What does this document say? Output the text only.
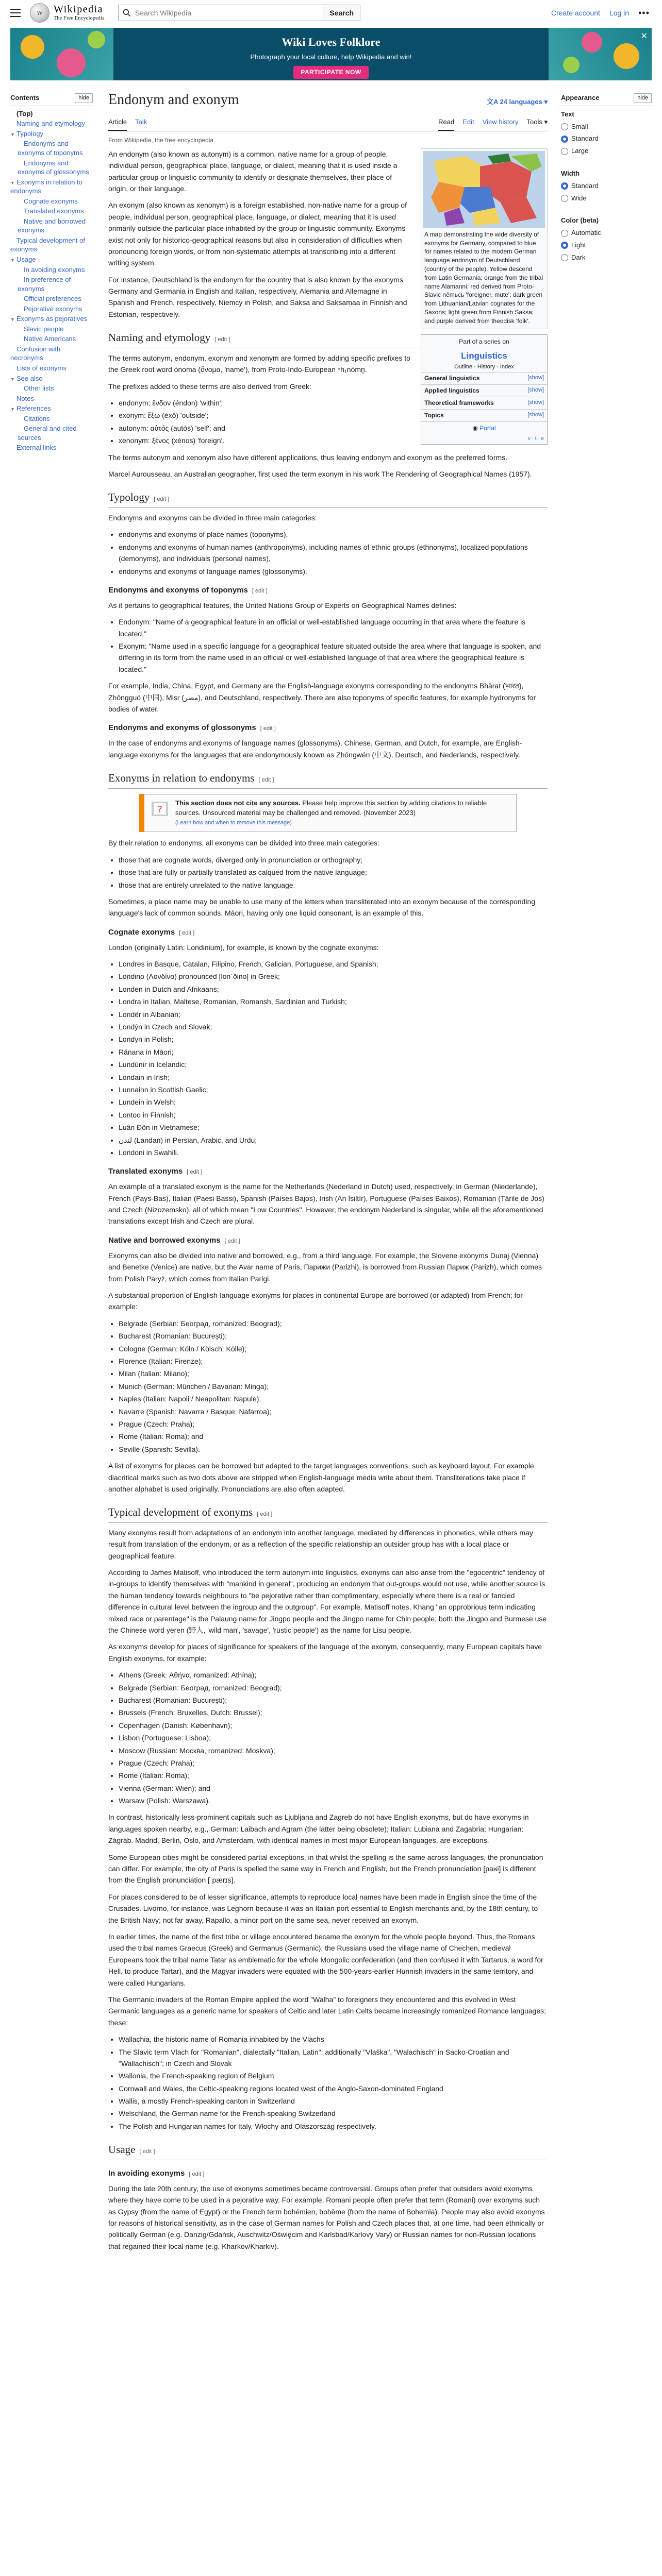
W	Wikipedia
The Free Encyclopedia
Search Wikipedia
Search	Create account Log in •••
Wiki Loves Folklore
Photograph your local culture, help Wikipedia and win!
PARTICIPATE NOW
✕
Contents	hide
(Top)
Naming and etymology
▼ Typology
Endonyms and exonyms of toponyms
Endonyms and exonyms of glossonyms
▼ Exonyms in relation to endonyms
Cognate exonyms
Translated exonyms
Native and borrowed exonyms
Typical development of exonyms
▼ Usage
In avoiding exonyms
In preference of exonyms
Official preferences
Pejorative exonyms
▼ Exonyms as pejoratives
Slavic people
Native Americans
Confusion with necronyms
Lists of exonyms
▼ See also
Other lists
Notes
▼ References
Citations
General and cited sources
External links
Endonym and exonym	文A 24 languages ▾
Article Talk	Read Edit View history Tools ▾
From Wikipedia, the free encyclopedia
A map demonstrating the wide diversity of exonyms for Germany, compared to blue for names related to the modern German language endonym of Deutschland (country of the people). Yellow descend from Latin Germania; orange from the tribal name Alamanni; red derived from Proto-Slavic němьcь 'foreigner, mute'; dark green from Lithuanian/Latvian cognates for the Saxons; light green from Finnish Saksa; and purple derived from theodisk 'folk'.
Part of a series on
Linguistics
Outline · History · Index
General linguistics	[show]
Applied linguistics	[show]
Theoretical frameworks	[show]
Topics	[show]
◉ Portal
v · t · e

An endonym (also known as autonym) is a common, native name for a group of people, individual person, geographical place, language, or dialect, meaning that it is used inside a particular group or linguistic community to identify or designate themselves, their place of origin, or their language.

An exonym (also known as xenonym) is a foreign established, non-native name for a group of people, individual person, geographical place, language, or dialect, meaning that it is used primarily outside the particular place inhabited by the group or linguistic community. Exonyms exist not only for historico-geographical reasons but also in consideration of difficulties when pronouncing foreign words, or from non-systematic attempts at transcribing into a different writing system.

For instance, Deutschland is the endonym for the country that is also known by the exonyms Germany and Germania in English and Italian, respectively, Alemania and Allemagne in Spanish and French, respectively, Niemcy in Polish, and Saksa and Saksamaa in Finnish and Estonian, respectively.

Naming and etymology [ edit ]

The terms autonym, endonym, exonym and xenonym are formed by adding specific prefixes to the Greek root word ónoma (ὄνομα, 'name'), from Proto-Indo-European *h₁nómn̥.

The prefixes added to these terms are also derived from Greek:

• endonym: ἔνδον (éndon) 'within';
• exonym: ἔξω (éxō) 'outside';
• autonym: αὐτός (autós) 'self'; and
• xenonym: ξένος (xénos) 'foreign'.

The terms autonym and xenonym also have different applications, thus leaving endonym and exonym as the preferred forms.

Marcel Aurousseau, an Australian geographer, first used the term exonym in his work The Rendering of Geographical Names (1957).

Typology [ edit ]

Endonyms and exonyms can be divided in three main categories:

• endonyms and exonyms of place names (toponyms),
• endonyms and exonyms of human names (anthroponyms), including names of ethnic groups (ethnonyms), localized populations (demonyms), and individuals (personal names),
• endonyms and exonyms of language names (glossonyms).
Endonyms and exonyms of toponyms [ edit ]

As it pertains to geographical features, the United Nations Group of Experts on Geographical Names defines:

• Endonym: "Name of a geographical feature in an official or well-established language occurring in that area where the feature is located."
• Exonym: "Name used in a specific language for a geographical feature situated outside the area where that language is spoken, and differing in its form from the name used in an official or well-established language of that area where the geographical feature is located."

For example, India, China, Egypt, and Germany are the English-language exonyms corresponding to the endonyms Bhārat (भारत), Zhōngguó (中国), Miṣr (مصر), and Deutschland, respectively. There are also toponyms of specific features, for example hydronyms for bodies of water.

Endonyms and exonyms of glossonyms [ edit ]

In the case of endonyms and exonyms of language names (glossonyms), Chinese, German, and Dutch, for example, are English-language exonyms for the languages that are endonymously known as Zhōngwén (中文), Deutsch, and Nederlands, respectively.

Exonyms in relation to endonyms [ edit ]
?
This section does not cite any sources. Please help improve this section by adding citations to reliable sources. Unsourced material may be challenged and removed. (November 2023)
(Learn how and when to remove this message)

By their relation to endonyms, all exonyms can be divided into three main categories:

• those that are cognate words, diverged only in pronunciation or orthography;
• those that are fully or partially translated as calqued from the native language;
• those that are entirely unrelated to the native language.

Sometimes, a place name may be unable to use many of the letters when transliterated into an exonym because of the corresponding language's lack of common sounds. Māori, having only one liquid consonant, is an example of this.

Cognate exonyms [ edit ]

London (originally Latin: Londinium), for example, is known by the cognate exonyms:

• Londres in Basque, Catalan, Filipino, French, Galician, Portuguese, and Spanish;
• Londino (Λονδίνο) pronounced [lonˈðino] in Greek;
• Londen in Dutch and Afrikaans;
• Londra in Italian, Maltese, Romanian, Romansh, Sardinian and Turkish;
• Londër in Albanian;
• Londýn in Czech and Slovak;
• Londyn in Polish;
• Rānana in Māori;
• Lundúnir in Icelandic;
• Londain in Irish;
• Lunnainn in Scottish Gaelic;
• Lundein in Welsh;
• Lontoo in Finnish;
• Luân Đôn in Vietnamese;
• لندن (Landan) in Persian, Arabic, and Urdu;
• Londoni in Swahili.
Translated exonyms [ edit ]

An example of a translated exonym is the name for the Netherlands (Nederland in Dutch) used, respectively, in German (Niederlande), French (Pays-Bas), Italian (Paesi Bassi), Spanish (Países Bajos), Irish (An Ísiltír), Portuguese (Países Baixos), Romanian (Țările de Jos) and Czech (Nizozemsko), all of which mean "Low Countries". However, the endonym Nederland is singular, while all the aforementioned translations except Irish and Czech are plural.

Native and borrowed exonyms [ edit ]

Exonyms can also be divided into native and borrowed, e.g., from a third language. For example, the Slovene exonyms Dunaj (Vienna) and Benetke (Venice) are native, but the Avar name of Paris, Парижи (Parizhi), is borrowed from Russian Париж (Parizh), which comes from Polish Paryż, which comes from Italian Parigi.

A substantial proportion of English-language exonyms for places in continental Europe are borrowed (or adapted) from French; for example:

• Belgrade (Serbian: Београд, romanized: Beograd);
• Bucharest (Romanian: București);
• Cologne (German: Köln / Kölsch: Kölle);
• Florence (Italian: Firenze);
• Milan (Italian: Milano);
• Munich (German: München / Bavarian: Minga);
• Naples (Italian: Napoli / Neapolitan: Napule);
• Navarre (Spanish: Navarra / Basque: Nafarroa);
• Prague (Czech: Praha);
• Rome (Italian: Roma); and
• Seville (Spanish: Sevilla).

A list of exonyms for places can be borrowed but adapted to the target languages conventions, such as keyboard layout. For example diacritical marks such as two dots above are stripped when English-language media write about them. Transliterations take place if another alphabet is used originally. Pronunciations are also often adapted.

Typical development of exonyms [ edit ]

Many exonyms result from adaptations of an endonym into another language, mediated by differences in phonetics, while others may result from translation of the endonym, or as a reflection of the specific relationship an outsider group has with a local place or geographical feature.

According to James Matisoff, who introduced the term autonym into linguistics, exonyms can also arise from the "egocentric" tendency of in-groups to identify themselves with "mankind in general", producing an endonym that out-groups would not use, while another source is the human tendency towards neighbours to "be pejorative rather than complimentary, especially where there is a real or fancied difference in cultural level between the ingroup and the outgroup". For example, Matisoff notes, Khang "an opprobrious term indicating mixed race or parentage" is the Palaung name for Jingpo people and the Jingpo name for Chin people; both the Jingpo and Burmese use the Chinese word yeren (野人, 'wild man', 'savage', 'rustic people') as the name for Lisu people.

As exonyms develop for places of significance for speakers of the language of the exonym, consequently, many European capitals have English exonyms, for example:

• Athens (Greek: Αθήνα, romanized: Athína);
• Belgrade (Serbian: Београд, romanized: Beograd);
• Bucharest (Romanian: București);
• Brussels (French: Bruxelles, Dutch: Brussel);
• Copenhagen (Danish: København);
• Lisbon (Portuguese: Lisboa);
• Moscow (Russian: Москва, romanized: Moskva);
• Prague (Czech: Praha);
• Rome (Italian: Roma);
• Vienna (German: Wien); and
• Warsaw (Polish: Warszawa).

In contrast, historically less-prominent capitals such as Ljubljana and Zagreb do not have English exonyms, but do have exonyms in languages spoken nearby, e.g., German: Laibach and Agram (the latter being obsolete); Italian: Lubiana and Zagabria; Hungarian: Zágráb. Madrid, Berlin, Oslo, and Amsterdam, with identical names in most major European languages, are exceptions.

Some European cities might be considered partial exceptions, in that whilst the spelling is the same across languages, the pronunciation can differ. For example, the city of Paris is spelled the same way in French and English, but the French pronunciation [paʁi] is different from the English pronunciation [ˈpærɪs].

For places considered to be of lesser significance, attempts to reproduce local names have been made in English since the time of the Crusades. Livorno, for instance, was Leghorn because it was an Italian port essential to English merchants and, by the 18th century, to the British Navy; not far away, Rapallo, a minor port on the same sea, never received an exonym.

In earlier times, the name of the first tribe or village encountered became the exonym for the whole people beyond. Thus, the Romans used the tribal names Graecus (Greek) and Germanus (Germanic), the Russians used the village name of Chechen, medieval Europeans took the tribal name Tatar as emblematic for the whole Mongolic confederation (and then confused it with Tartarus, a word for Hell, to produce Tartar), and the Magyar invaders were equated with the 500-years-earlier Hunnish invaders in the same territory, and were called Hungarians.

The Germanic invaders of the Roman Empire applied the word "Walha" to foreigners they encountered and this evolved in West Germanic languages as a generic name for speakers of Celtic and later Latin Celts became increasingly romanized Romance languages; these:

• Wallachia, the historic name of Romania inhabited by the Vlachs
• The Slavic term Vlach for "Romanian", dialectally "Italian, Latin"; additionally "Vlaška", "Walachisch" in Sacko-Croatian and "Wallachisch"; in Czech and Slovak
• Wallonia, the French-speaking region of Belgium
• Cornwall and Wales, the Celtic-speaking regions located west of the Anglo-Saxon-dominated England
• Wallis, a mostly French-speaking canton in Switzerland
• Welschland, the German name for the French-speaking Switzerland
• The Polish and Hungarian names for Italy, Włochy and Olaszország respectively.
Usage [ edit ]
In avoiding exonyms [ edit ]

During the late 20th century, the use of exonyms sometimes became controversial. Groups often prefer that outsiders avoid exonyms where they have come to be used in a pejorative way. For example, Romani people often prefer that term (Romani) over exonyms such as Gypsy (from the name of Egypt) or the French term bohémien, bohème (from the name of Bohemia). People may also avoid exonyms for reasons of historical sensitivity, as in the case of German names for Polish and Czech places that, at one time, had been ethnically or politically German (e.g. Danzig/Gdańsk, Auschwitz/Oświęcim and Karlsbad/Karlovy Vary) or Russian names for non-Russian locations that regained their local name (e.g. Kharkov/Kharkiv).

Appearance	hide
Text
Small
Standard
Large
Width
Standard
Wide
Color (beta)
Automatic
Light
Dark
